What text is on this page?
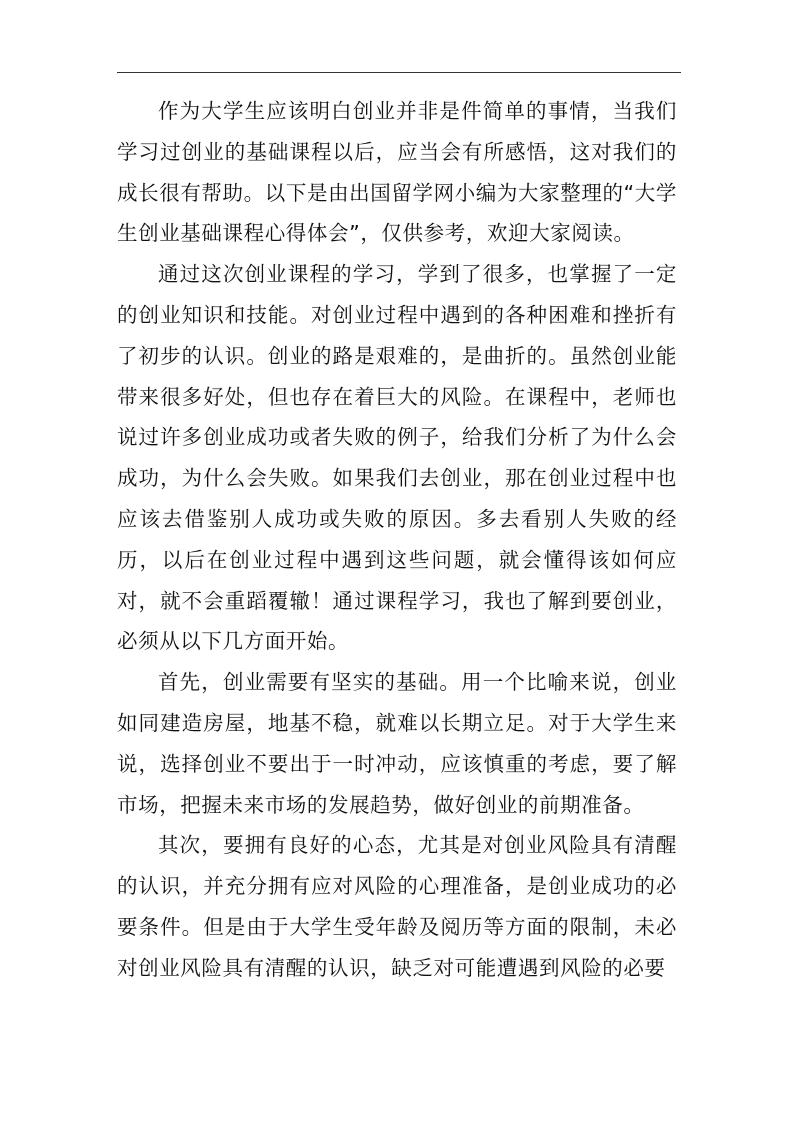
作为大学生应该明白创业并非是件简单的事情，当我们学习过创业的基础课程以后，应当会有所感悟，这对我们的成长很有帮助。以下是由出国留学网小编为大家整理的“大学生创业基础课程心得体会”，仅供参考，欢迎大家阅读。

通过这次创业课程的学习，学到了很多，也掌握了一定的创业知识和技能。对创业过程中遇到的各种困难和挫折有了初步的认识。创业的路是艰难的，是曲折的。虽然创业能带来很多好处，但也存在着巨大的风险。在课程中，老师也说过许多创业成功或者失败的例子，给我们分析了为什么会成功，为什么会失败。如果我们去创业，那在创业过程中也应该去借鉴别人成功或失败的原因。多去看别人失败的经历，以后在创业过程中遇到这些问题，就会懂得该如何应对，就不会重蹈覆辙！通过课程学习，我也了解到要创业，必须从以下几方面开始。

首先，创业需要有坚实的基础。用一个比喻来说，创业如同建造房屋，地基不稳，就难以长期立足。对于大学生来说，选择创业不要出于一时冲动，应该慎重的考虑，要了解市场，把握未来市场的发展趋势，做好创业的前期准备。

其次，要拥有良好的心态，尤其是对创业风险具有清醒的认识，并充分拥有应对风险的心理准备，是创业成功的必要条件。但是由于大学生受年龄及阅历等方面的限制，未必对创业风险具有清醒的认识，缺乏对可能遭遇到风险的必要
